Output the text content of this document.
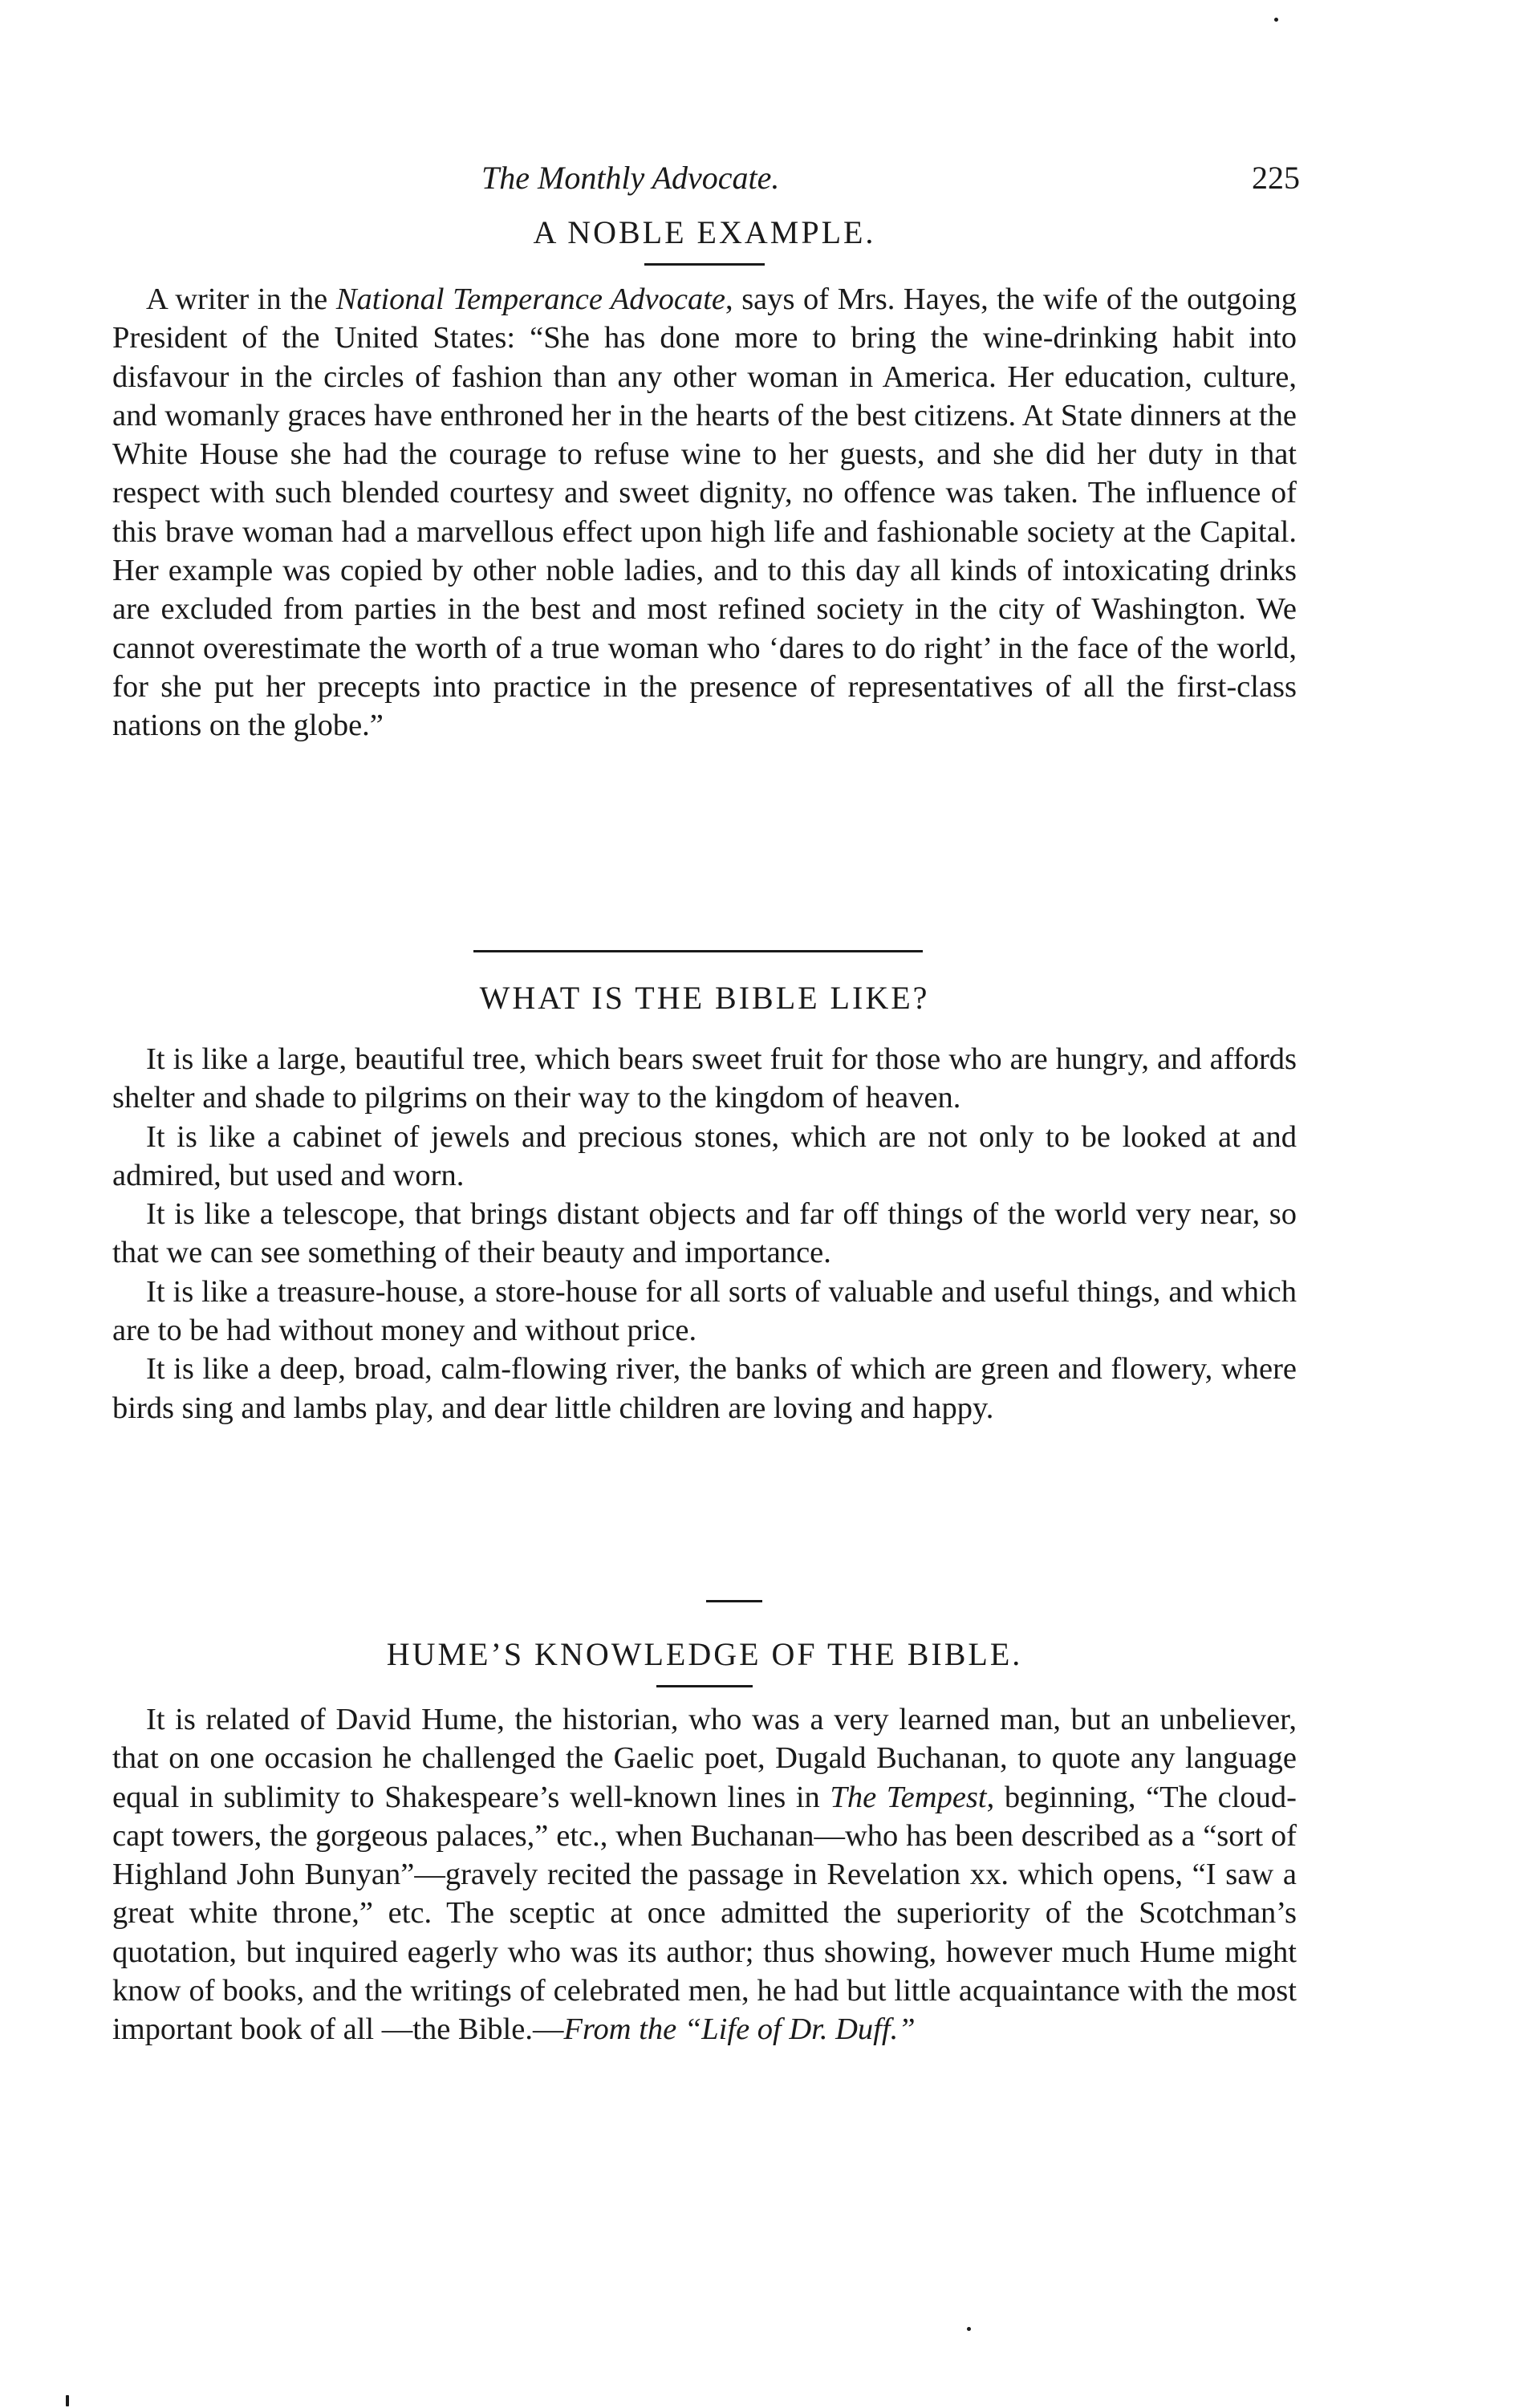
The Monthly Advocate.	225
A NOBLE EXAMPLE.

A writer in the National Temperance Advocate, says of Mrs. Hayes, the wife of the outgoing President of the United States: “She has done more to bring the wine-drinking habit into disfavour in the circles of fashion than any other woman in America. Her education, culture, and womanly graces have enthroned her in the hearts of the best citizens. At State dinners at the White House she had the courage to refuse wine to her guests, and she did her duty in that respect with such blended courtesy and sweet dignity, no offence was taken. The influence of this brave woman had a marvellous effect upon high life and fashionable society at the Capital. Her example was copied by other noble ladies, and to this day all kinds of intoxicating drinks are excluded from parties in the best and most refined society in the city of Washington. We cannot overestimate the worth of a true woman who ‘dares to do right’ in the face of the world, for she put her precepts into practice in the presence of representatives of all the first-class nations on the globe.”

WHAT IS THE BIBLE LIKE?

It is like a large, beautiful tree, which bears sweet fruit for those who are hungry, and affords shelter and shade to pilgrims on their way to the kingdom of heaven.

It is like a cabinet of jewels and precious stones, which are not only to be looked at and admired, but used and worn.

It is like a telescope, that brings distant objects and far off things of the world very near, so that we can see something of their beauty and importance.

It is like a treasure-house, a store-house for all sorts of valuable and useful things, and which are to be had without money and without price.

It is like a deep, broad, calm-flowing river, the banks of which are green and flowery, where birds sing and lambs play, and dear little children are loving and happy.

HUME’S KNOWLEDGE OF THE BIBLE.

It is related of David Hume, the historian, who was a very learned man, but an unbeliever, that on one occasion he challenged the Gaelic poet, Dugald Buchanan, to quote any language equal in sublimity to Shakespeare’s well-known lines in The Tempest, beginning, “The cloud-capt towers, the gorgeous palaces,” etc., when Buchanan—who has been described as a “sort of Highland John Bunyan”—gravely recited the passage in Revelation xx. which opens, “I saw a great white throne,” etc. The sceptic at once admitted the superiority of the Scotchman’s quotation, but inquired eagerly who was its author; thus showing, however much Hume might know of books, and the writings of celebrated men, he had but little acquaintance with the most important book of all —the Bible.—From the “Life of Dr. Duff.”
